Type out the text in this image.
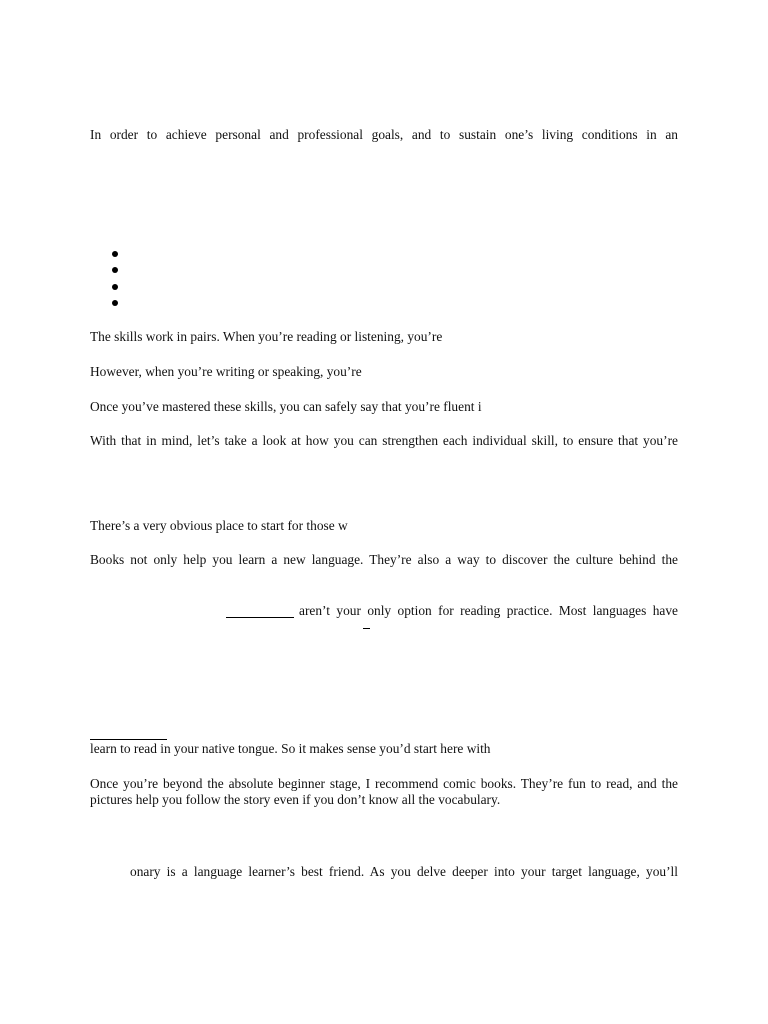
In order to achieve personal and professional goals, and to sustain one’s living conditions in an
The skills work in pairs. When you’re reading or listening, you’re
However, when you’re writing or speaking, you’re
Once you’ve mastered these skills, you can safely say that you’re fluent i
With that in mind, let’s take a look at how you can strengthen each individual skill, to ensure that you’re
There’s a very obvious place to start for those w
Books not only help you learn a new language. They’re also a way to discover the culture behind the
aren’t your only option for reading practice. Most languages have
learn to read in your native tongue. So it makes sense you’d start here with
Once you’re beyond the absolute beginner stage, I recommend comic books. They’re fun to read, and the
pictures help you follow the story even if you don’t know all the vocabulary.
onary is a language learner’s best friend. As you delve deeper into your target language, you’ll
